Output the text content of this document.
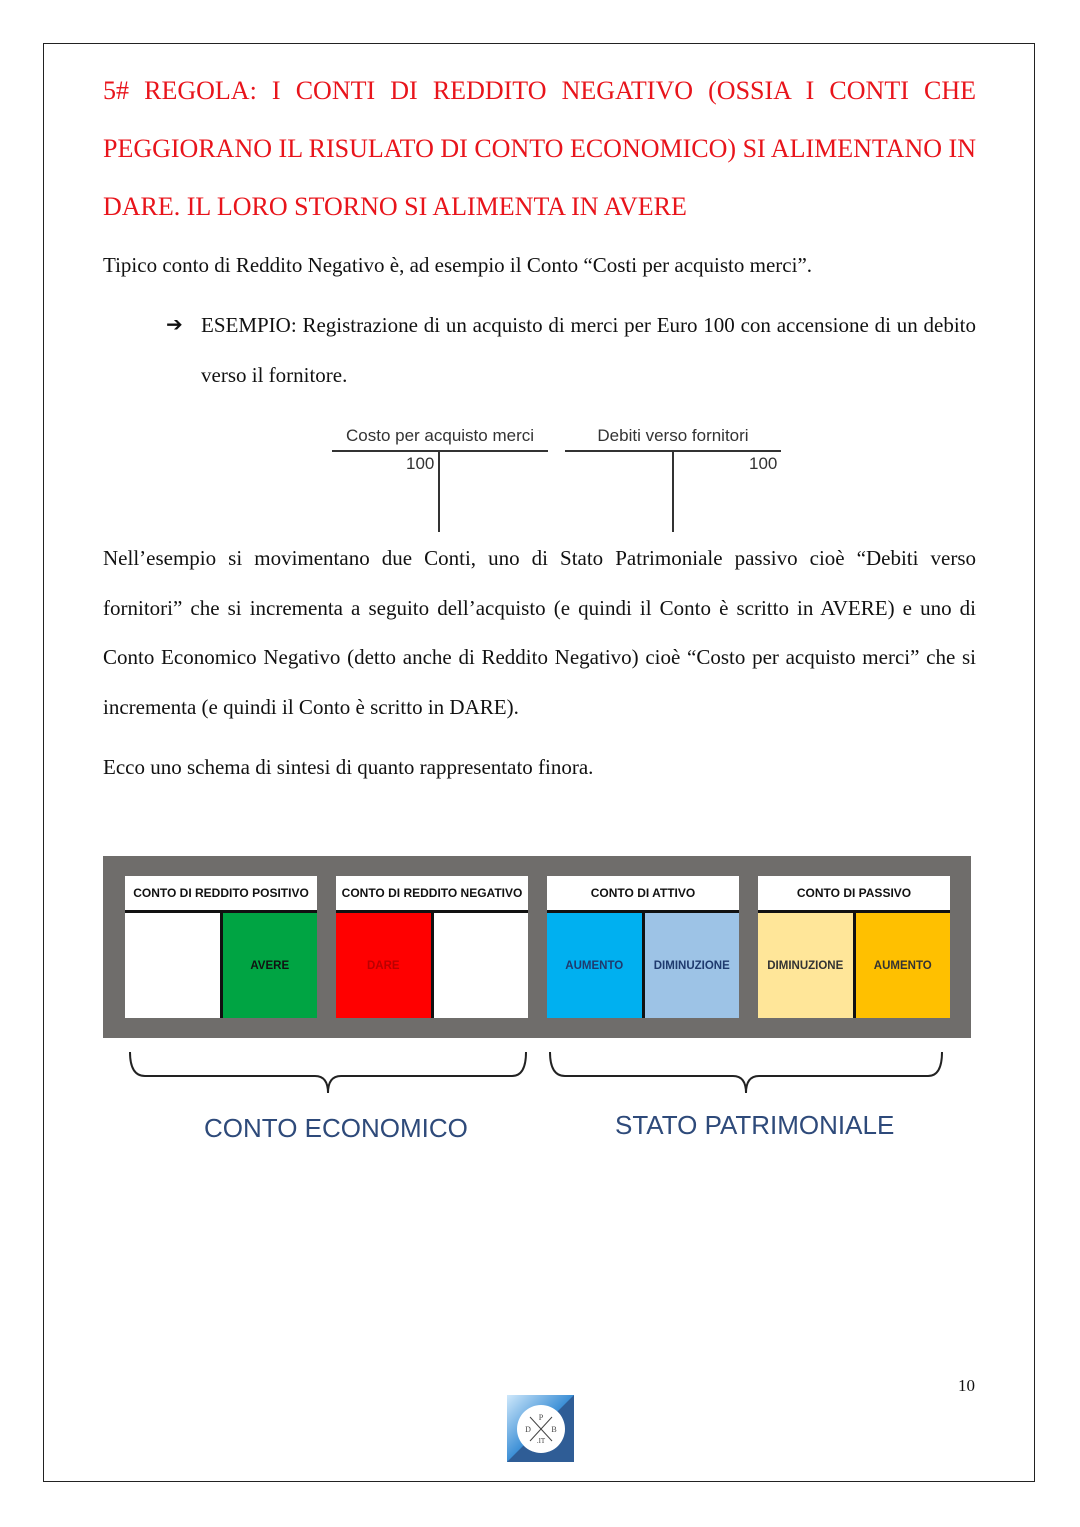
5# REGOLA: I CONTI DI REDDITO NEGATIVO (OSSIA I CONTI CHE
PEGGIORANO IL RISULATO DI CONTO ECONOMICO) SI ALIMENTANO IN
DARE. IL LORO STORNO SI ALIMENTA IN AVERE
Tipico conto di Reddito Negativo è, ad esempio il Conto “Costi per acquisto merci”.
➔ ESEMPIO: Registrazione di un acquisto di merci per Euro 100 con accensione di un debito verso il fornitore.
Costo per acquisto merci
100
Debiti verso fornitori
100
Nell’esempio si movimentano due Conti, uno di Stato Patrimoniale passivo cioè “Debiti verso fornitori” che si incrementa a seguito dell’acquisto (e quindi il Conto è scritto in AVERE) e uno di Conto Economico Negativo (detto anche di Reddito Negativo) cioè “Costo per acquisto merci” che si incrementa (e quindi il Conto è scritto in DARE).
Ecco uno schema di sintesi di quanto rappresentato finora.
CONTO DI REDDITO POSITIVO
AVERE
CONTO DI REDDITO NEGATIVO
DARE
CONTO DI ATTIVO
AUMENTO	DIMINUZIONE
CONTO DI PASSIVO
DIMINUZIONE	AUMENTO
CONTO ECONOMICO	STATO PATRIMONIALE
10
P
D	B
.IT
